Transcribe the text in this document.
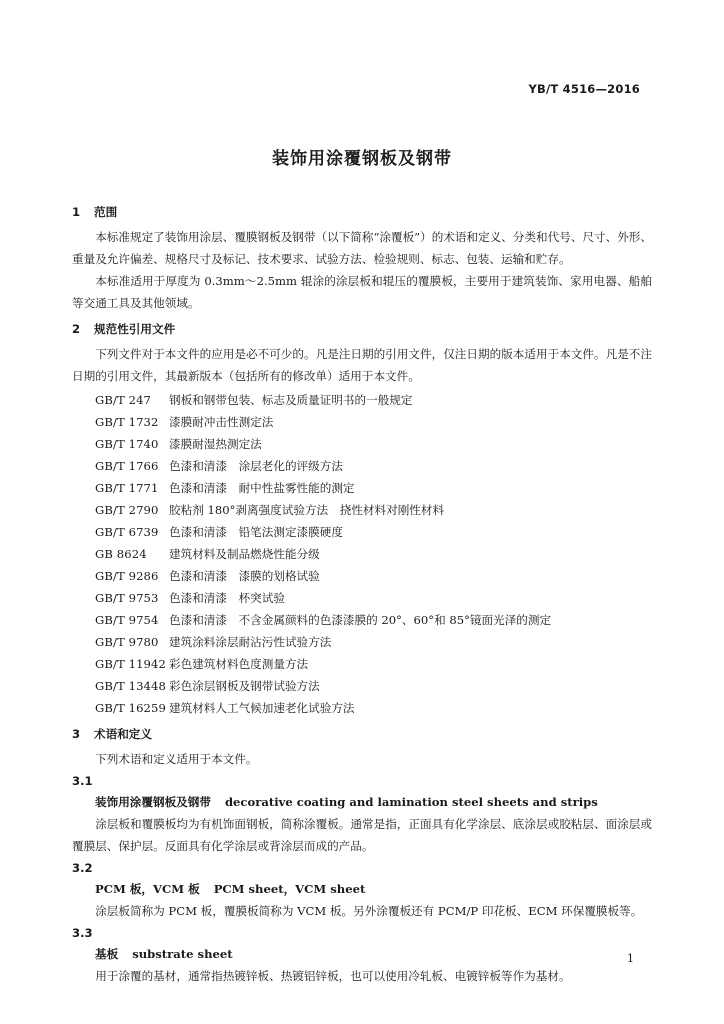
YB/T 4516—2016
装饰用涂覆钢板及钢带
1 范围

本标准规定了装饰用涂层、覆膜钢板及钢带（以下简称“涂覆板”）的术语和定义、分类和代号、尺寸、外形、重量及允许偏差、规格尺寸及标记、技术要求、试验方法、检验规则、标志、包装、运输和贮存。

本标准适用于厚度为 0.3mm～2.5mm 辊涂的涂层板和辊压的覆膜板，主要用于建筑装饰、家用电器、船舶等交通工具及其他领域。

2 规范性引用文件

下列文件对于本文件的应用是必不可少的。凡是注日期的引用文件，仅注日期的版本适用于本文件。凡是不注日期的引用文件，其最新版本（包括所有的修改单）适用于本文件。

GB/T 247 钢板和钢带包装、标志及质量证明书的一般规定
GB/T 1732 漆膜耐冲击性测定法
GB/T 1740 漆膜耐湿热测定法
GB/T 1766 色漆和清漆　涂层老化的评级方法
GB/T 1771 色漆和清漆　耐中性盐雾性能的测定
GB/T 2790 胶粘剂 180°剥离强度试验方法　挠性材料对刚性材料
GB/T 6739 色漆和清漆　铅笔法测定漆膜硬度
GB 8624 建筑材料及制品燃烧性能分级
GB/T 9286 色漆和清漆　漆膜的划格试验
GB/T 9753 色漆和清漆　杯突试验
GB/T 9754 色漆和清漆　不含金属颜料的色漆漆膜的 20°、60°和 85°镜面光泽的测定
GB/T 9780 建筑涂料涂层耐沾污性试验方法
GB/T 11942 彩色建筑材料色度测量方法
GB/T 13448 彩色涂层钢板及钢带试验方法
GB/T 16259 建筑材料人工气候加速老化试验方法
3 术语和定义

下列术语和定义适用于本文件。

3.1
装饰用涂覆钢板及钢带 decorative coating and lamination steel sheets and strips

涂层板和覆膜板均为有机饰面钢板，简称涂覆板。通常是指，正面具有化学涂层、底涂层或胶粘层、面涂层或覆膜层、保护层。反面具有化学涂层或背涂层而成的产品。

3.2
PCM 板，VCM 板 PCM sheet，VCM sheet

涂层板简称为 PCM 板，覆膜板简称为 VCM 板。另外涂覆板还有 PCM/P 印花板、ECM 环保覆膜板等。

3.3
基板 substrate sheet

用于涂覆的基材，通常指热镀锌板、热镀铝锌板，也可以使用冷轧板、电镀锌板等作为基材。

1
